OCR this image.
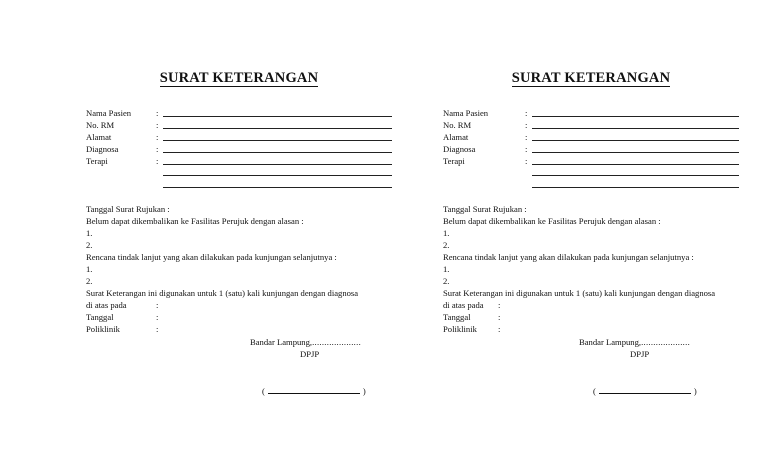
SURAT KETERANGAN
Nama Pasien	:
No. RM	:
Alamat	:
Diagnosa	:
Terapi	:
Tanggal Surat Rujukan :
Belum dapat dikembalikan ke Fasilitas Perujuk dengan alasan :
1.
2.
Rencana tindak lanjut yang akan dilakukan pada kunjungan selanjutnya :
1.
2.
Surat Keterangan ini digunakan untuk 1 (satu) kali kunjungan dengan diagnosa
di atas pada	:
Tanggal	:
Poliklinik	:
Bandar Lampung,....................
DPJP
(	)
SURAT KETERANGAN
Nama Pasien	:
No. RM	:
Alamat	:
Diagnosa	:
Terapi	:
Tanggal Surat Rujukan :
Belum dapat dikembalikan ke Fasilitas Perujuk dengan alasan :
1.
2.
Rencana tindak lanjut yang akan dilakukan pada kunjungan selanjutnya :
1.
2.
Surat Keterangan ini digunakan untuk 1 (satu) kali kunjungan dengan diagnosa
di atas pada :
Tanggal	:
Poliklinik :
Bandar Lampung,....................
DPJP
(	)
